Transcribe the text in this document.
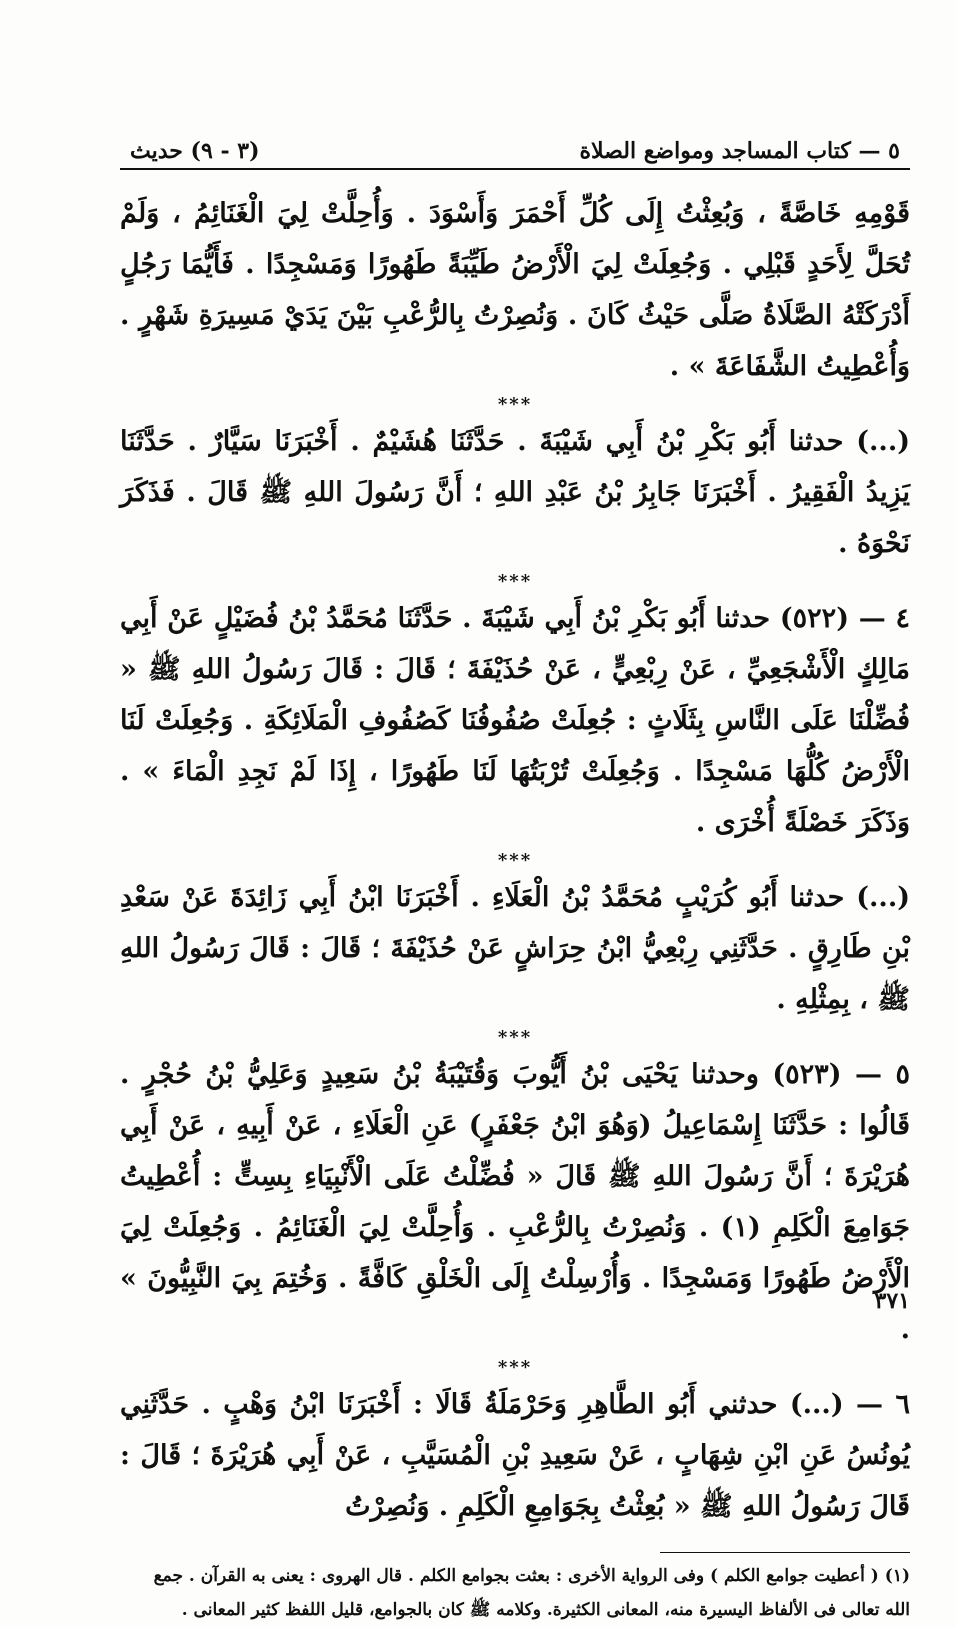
٥ — كتاب المساجد ومواضع الصلاة
(٣ - ٩) حديث

قَوْمِهِ خَاصَّةً ، وَبُعِثْتُ إِلَى كُلِّ أَحْمَرَ وَأَسْوَدَ . وَأُحِلَّتْ لِيَ الْغَنَائِمُ ، وَلَمْ تُحَلَّ لِأَحَدٍ قَبْلِي . وَجُعِلَتْ لِيَ الْأَرْضُ طَيِّبَةً طَهُورًا وَمَسْجِدًا . فَأَيُّمَا رَجُلٍ أَدْرَكَتْهُ الصَّلَاةُ صَلَّى حَيْثُ كَانَ . وَنُصِرْتُ بِالرُّعْبِ بَيْنَ يَدَيْ مَسِيرَةِ شَهْرٍ . وَأُعْطِيتُ الشَّفَاعَةَ » .

***

(...) حدثنا أَبُو بَكْرِ بْنُ أَبِي شَيْبَةَ . حَدَّثَنَا هُشَيْمٌ . أَخْبَرَنَا سَيَّارٌ . حَدَّثَنَا يَزِيدُ الْفَقِيرُ . أَخْبَرَنَا جَابِرُ بْنُ عَبْدِ اللهِ ؛ أَنَّ رَسُولَ اللهِ ﷺ قَالَ . فَذَكَرَ نَحْوَهُ .

***

٤ — (٥٢٢) حدثنا أَبُو بَكْرِ بْنُ أَبِي شَيْبَةَ . حَدَّثَنَا مُحَمَّدُ بْنُ فُضَيْلٍ عَنْ أَبِي مَالِكٍ الْأَشْجَعِيِّ ، عَنْ رِبْعِيٍّ ، عَنْ حُذَيْفَةَ ؛ قَالَ : قَالَ رَسُولُ اللهِ ﷺ « فُضِّلْنَا عَلَى النَّاسِ بِثَلَاثٍ : جُعِلَتْ صُفُوفُنَا كَصُفُوفِ الْمَلَائِكَةِ . وَجُعِلَتْ لَنَا الْأَرْضُ كُلُّهَا مَسْجِدًا . وَجُعِلَتْ تُرْبَتُهَا لَنَا طَهُورًا ، إِذَا لَمْ نَجِدِ الْمَاءَ » . وَذَكَرَ خَصْلَةً أُخْرَى .

***

(...) حدثنا أَبُو كُرَيْبٍ مُحَمَّدُ بْنُ الْعَلَاءِ . أَخْبَرَنَا ابْنُ أَبِي زَائِدَةَ عَنْ سَعْدِ بْنِ طَارِقٍ . حَدَّثَنِي رِبْعِيُّ ابْنُ حِرَاشٍ عَنْ حُذَيْفَةَ ؛ قَالَ : قَالَ رَسُولُ اللهِ ﷺ ، بِمِثْلِهِ .

***

٥ — (٥٢٣) وحدثنا يَحْيَى بْنُ أَيُّوبَ وَقُتَيْبَةُ بْنُ سَعِيدٍ وَعَلِيُّ بْنُ حُجْرٍ . قَالُوا : حَدَّثَنَا إِسْمَاعِيلُ (وَهُوَ ابْنُ جَعْفَرٍ) عَنِ الْعَلَاءِ ، عَنْ أَبِيهِ ، عَنْ أَبِي هُرَيْرَةَ ؛ أَنَّ رَسُولَ اللهِ ﷺ قَالَ « فُضِّلْتُ عَلَى الْأَنْبِيَاءِ بِسِتٍّ : أُعْطِيتُ جَوَامِعَ الْكَلِمِ (١) . وَنُصِرْتُ بِالرُّعْبِ . وَأُحِلَّتْ لِيَ الْغَنَائِمُ . وَجُعِلَتْ لِيَ الْأَرْضُ طَهُورًا وَمَسْجِدًا . وَأُرْسِلْتُ إِلَى الْخَلْقِ كَافَّةً . وَخُتِمَ بِيَ النَّبِيُّونَ » .

***

٦ — (...) حدثني أَبُو الطَّاهِرِ وَحَرْمَلَةُ قَالَا : أَخْبَرَنَا ابْنُ وَهْبٍ . حَدَّثَنِي يُونُسُ عَنِ ابْنِ شِهَابٍ ، عَنْ سَعِيدِ بْنِ الْمُسَيَّبِ ، عَنْ أَبِي هُرَيْرَةَ ؛ قَالَ : قَالَ رَسُولُ اللهِ ﷺ « بُعِثْتُ بِجَوَامِعِ الْكَلِمِ . وَنُصِرْتُ

(١) ( أعطيت جوامع الكلم ) وفى الرواية الأخرى : بعثت بجوامع الكلم . قال الهروى : يعنى به القرآن . جمع

الله تعالى فى الألفاظ اليسيرة منه، المعانى الكثيرة. وكلامه ﷺ كان بالجوامع، قليل اللفظ كثير المعانى .

٣٧١
